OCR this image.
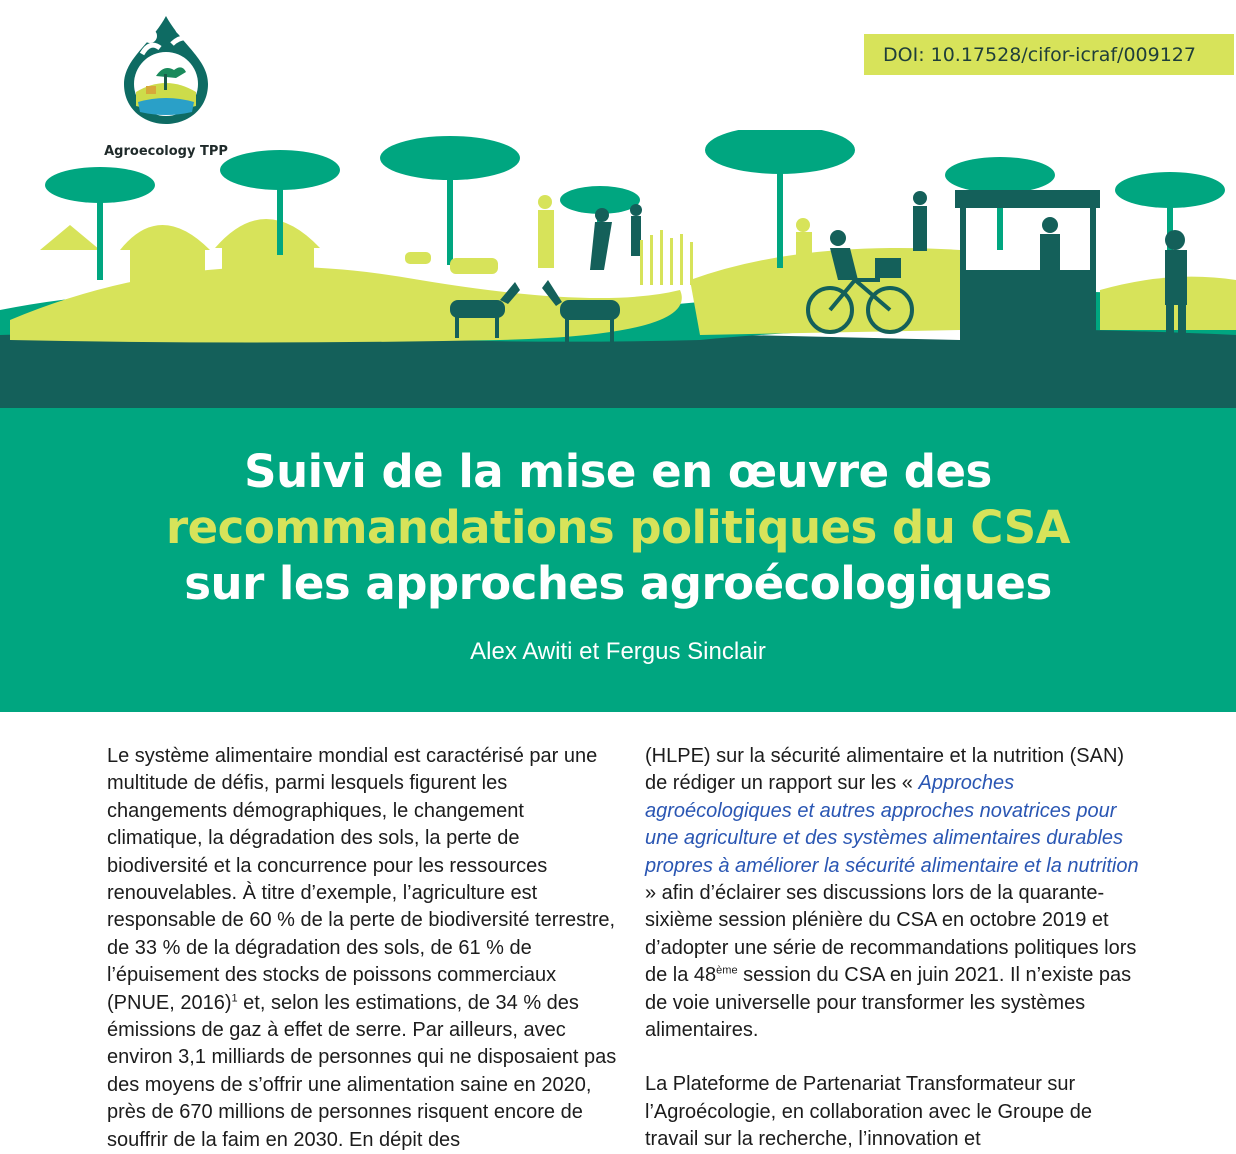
Agroecology TPP
DOI: 10.17528/cifor-icraf/009127
Suivi de la mise en œuvre des
recommandations politiques du CSA
sur les approches agroécologiques
Alex Awiti et Fergus Sinclair

Le système alimentaire mondial est caractérisé par une multitude de défis, parmi lesquels figurent les changements démographiques, le changement climatique, la dégradation des sols, la perte de biodiversité et la concurrence pour les ressources renouvelables. À titre d’exemple, l’agriculture est responsable de 60 % de la perte de biodiversité terrestre, de 33 % de la dégradation des sols, de 61 % de l’épuisement des stocks de poissons commerciaux (PNUE, 2016)$^1$ et, selon les estimations, de 34 % des émissions de gaz à effet de serre. Par ailleurs, avec environ 3,1 milliards de personnes qui ne disposaient pas des moyens de s’offrir une alimentation saine en 2020, près de 670 millions de personnes risquent encore de souffrir de la faim en 2030. En dépit des

(HLPE) sur la sécurité alimentaire et la nutrition (SAN) de rédiger un rapport sur les « Approches agroécologiques et autres approches novatrices pour une agriculture et des systèmes alimentaires durables propres à améliorer la sécurité alimentaire et la nutrition » afin d’éclairer ses discussions lors de la quarante-sixième session plénière du CSA en octobre 2019 et d’adopter une série de recommandations politiques lors de la 48ème session du CSA en juin 2021. Il n’existe pas de voie universelle pour transformer les systèmes alimentaires.

La Plateforme de Partenariat Transformateur sur l’Agroécologie, en collaboration avec le Groupe de travail sur la recherche, l’innovation et
